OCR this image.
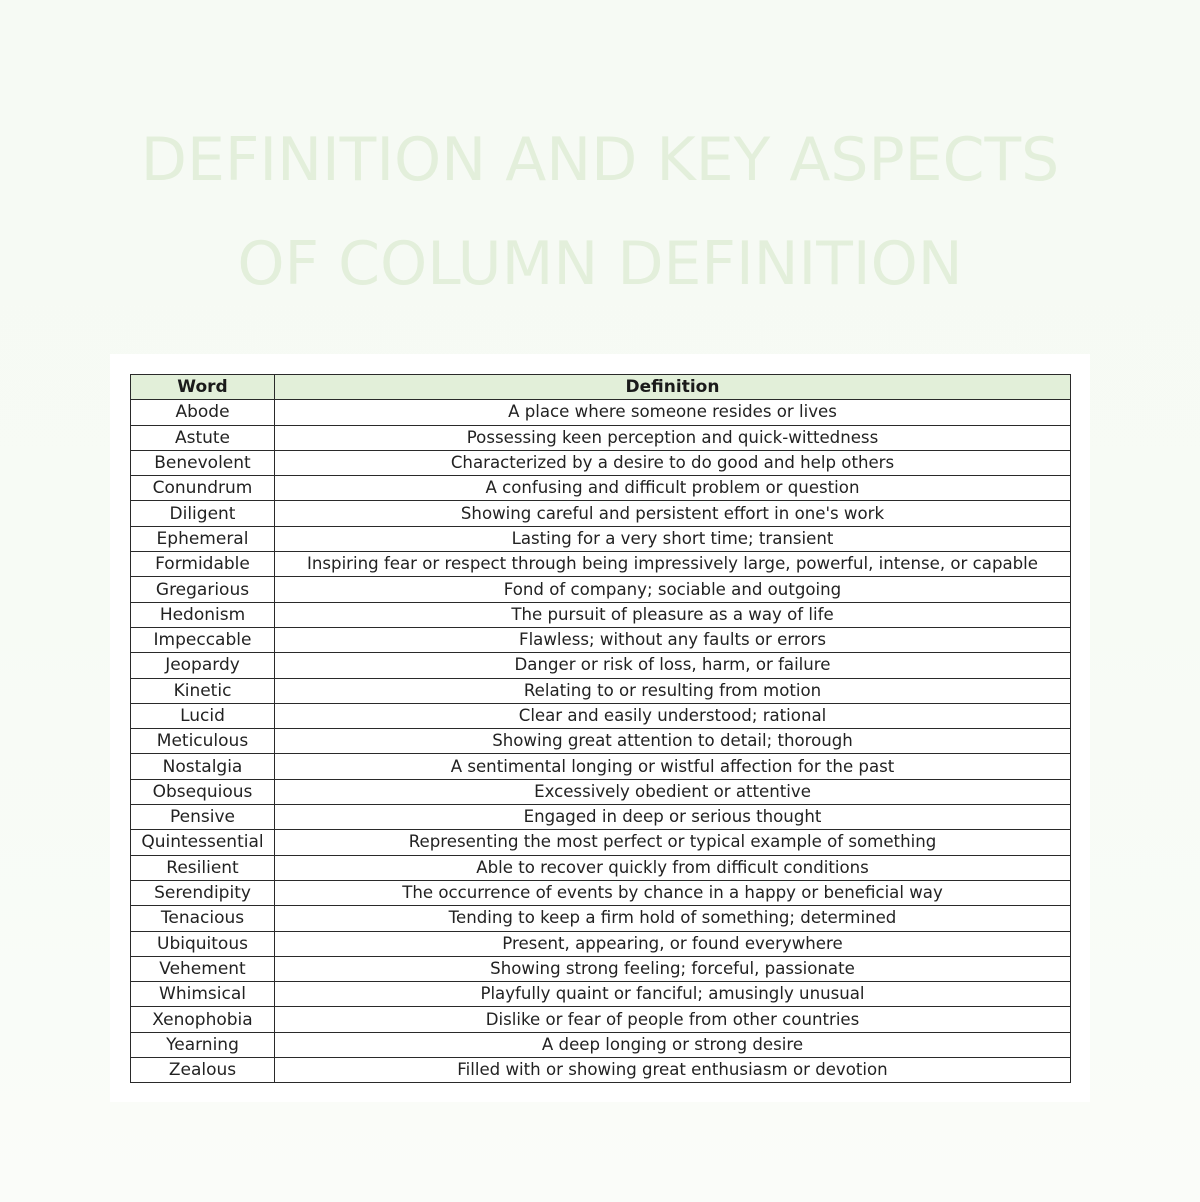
DEFINITION AND KEY ASPECTS
OF COLUMN DEFINITION
Word	Definition
Abode	A place where someone resides or lives
Astute	Possessing keen perception and quick-wittedness
Benevolent	Characterized by a desire to do good and help others
Conundrum	A confusing and difficult problem or question
Diligent	Showing careful and persistent effort in one's work
Ephemeral	Lasting for a very short time; transient
Formidable	Inspiring fear or respect through being impressively large, powerful, intense, or capable
Gregarious	Fond of company; sociable and outgoing
Hedonism	The pursuit of pleasure as a way of life
Impeccable	Flawless; without any faults or errors
Jeopardy	Danger or risk of loss, harm, or failure
Kinetic	Relating to or resulting from motion
Lucid	Clear and easily understood; rational
Meticulous	Showing great attention to detail; thorough
Nostalgia	A sentimental longing or wistful affection for the past
Obsequious	Excessively obedient or attentive
Pensive	Engaged in deep or serious thought
Quintessential	Representing the most perfect or typical example of something
Resilient	Able to recover quickly from difficult conditions
Serendipity	The occurrence of events by chance in a happy or beneficial way
Tenacious	Tending to keep a firm hold of something; determined
Ubiquitous	Present, appearing, or found everywhere
Vehement	Showing strong feeling; forceful, passionate
Whimsical	Playfully quaint or fanciful; amusingly unusual
Xenophobia	Dislike or fear of people from other countries
Yearning	A deep longing or strong desire
Zealous	Filled with or showing great enthusiasm or devotion
